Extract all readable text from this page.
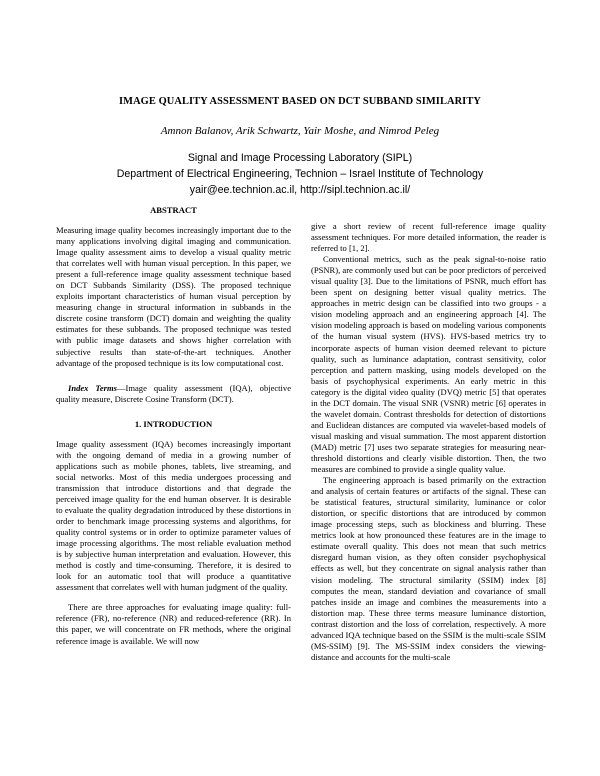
IMAGE QUALITY ASSESSMENT BASED ON DCT SUBBAND SIMILARITY
Amnon Balanov, Arik Schwartz, Yair Moshe, and Nimrod Peleg
Signal and Image Processing Laboratory (SIPL)
Department of Electrical Engineering, Technion – Israel Institute of Technology
yair@ee.technion.ac.il, http://sipl.technion.ac.il/
ABSTRACT

Measuring image quality becomes increasingly important due to the many applications involving digital imaging and communication. Image quality assessment aims to develop a visual quality metric that correlates well with human visual perception. In this paper, we present a full-reference image quality assessment technique based on DCT Subbands Similarity (DSS). The proposed technique exploits important characteristics of human visual perception by measuring change in structural information in subbands in the discrete cosine transform (DCT) domain and weighting the quality estimates for these subbands. The proposed technique was tested with public image datasets and shows higher correlation with subjective results than state-of-the-art techniques. Another advantage of the proposed technique is its low computational cost.

Index Terms—Image quality assessment (IQA), objective quality measure, Discrete Cosine Transform (DCT).

1. INTRODUCTION

Image quality assessment (IQA) becomes increasingly important with the ongoing demand of media in a growing number of applications such as mobile phones, tablets, live streaming, and social networks. Most of this media undergoes processing and transmission that introduce distortions and that degrade the perceived image quality for the end human observer. It is desirable to evaluate the quality degradation introduced by these distortions in order to benchmark image processing systems and algorithms, for quality control systems or in order to optimize parameter values of image processing algorithms. The most reliable evaluation method is by subjective human interpretation and evaluation. However, this method is costly and time-consuming. Therefore, it is desired to look for an automatic tool that will produce a quantitative assessment that correlates well with human judgment of the quality.

There are three approaches for evaluating image quality: full-reference (FR), no-reference (NR) and reduced-reference (RR). In this paper, we will concentrate on FR methods, where the original reference image is available. We will now

give a short review of recent full-reference image quality assessment techniques. For more detailed information, the reader is referred to [1, 2].

Conventional metrics, such as the peak signal-to-noise ratio (PSNR), are commonly used but can be poor predictors of perceived visual quality [3]. Due to the limitations of PSNR, much effort has been spent on designing better visual quality metrics. The approaches in metric design can be classified into two groups - a vision modeling approach and an engineering approach [4]. The vision modeling approach is based on modeling various components of the human visual system (HVS). HVS-based metrics try to incorporate aspects of human vision deemed relevant to picture quality, such as luminance adaptation, contrast sensitivity, color perception and pattern masking, using models developed on the basis of psychophysical experiments. An early metric in this category is the digital video quality (DVQ) metric [5] that operates in the DCT domain. The visual SNR (VSNR) metric [6] operates in the wavelet domain. Contrast thresholds for detection of distortions and Euclidean distances are computed via wavelet-based models of visual masking and visual summation. The most apparent distortion (MAD) metric [7] uses two separate strategies for measuring near-threshold distortions and clearly visible distortion. Then, the two measures are combined to provide a single quality value.

The engineering approach is based primarily on the extraction and analysis of certain features or artifacts of the signal. These can be statistical features, structural similarity, luminance or color distortion, or specific distortions that are introduced by common image processing steps, such as blockiness and blurring. These metrics look at how pronounced these features are in the image to estimate overall quality. This does not mean that such metrics disregard human vision, as they often consider psychophysical effects as well, but they concentrate on signal analysis rather than vision modeling. The structural similarity (SSIM) index [8] computes the mean, standard deviation and covariance of small patches inside an image and combines the measurements into a distortion map. These three terms measure luminance distortion, contrast distortion and the loss of correlation, respectively. A more advanced IQA technique based on the SSIM is the multi-scale SSIM (MS-SSIM) [9]. The MS-SSIM index considers the viewing-distance and accounts for the multi-scale
